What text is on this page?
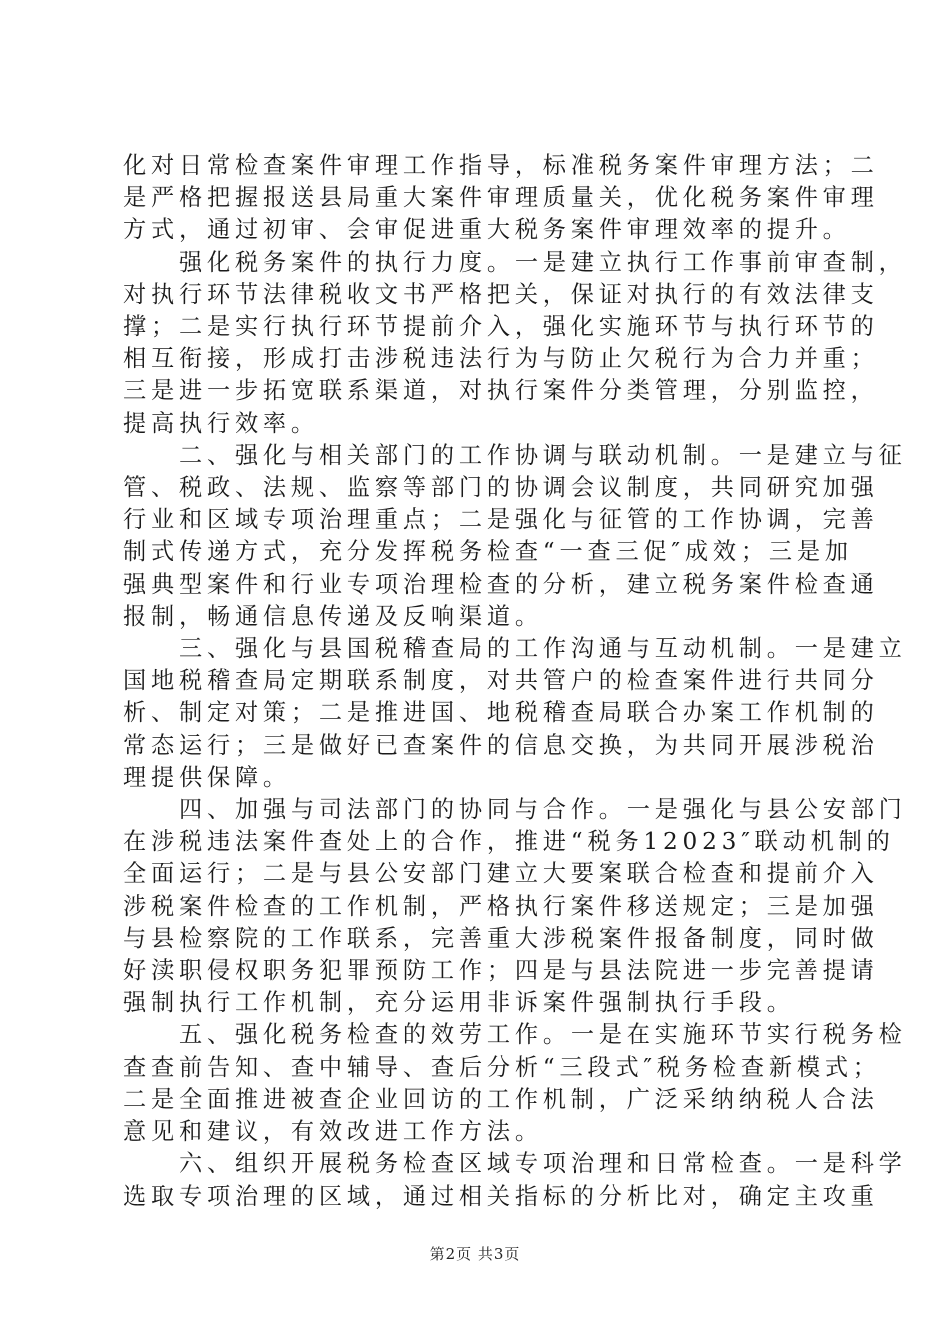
化对日常检查案件审理工作指导，标准税务案件审理方法；二
是严格把握报送县局重大案件审理质量关，优化税务案件审理
方式，通过初审、会审促进重大税务案件审理效率的提升。

强化税务案件的执行力度。一是建立执行工作事前审查制，
对执行环节法律税收文书严格把关，保证对执行的有效法律支
撑；二是实行执行环节提前介入，强化实施环节与执行环节的
相互衔接，形成打击涉税违法行为与防止欠税行为合力并重；
三是进一步拓宽联系渠道，对执行案件分类管理，分别监控，
提高执行效率。

二、强化与相关部门的工作协调与联动机制。一是建立与征
管、税政、法规、监察等部门的协调会议制度，共同研究加强
行业和区域专项治理重点；二是强化与征管的工作协调，完善
制式传递方式，充分发挥税务检查“一查三促″成效；三是加
强典型案件和行业专项治理检查的分析，建立税务案件检查通
报制，畅通信息传递及反响渠道。

三、强化与县国税稽查局的工作沟通与互动机制。一是建立
国地税稽查局定期联系制度，对共管户的检查案件进行共同分
析、制定对策；二是推进国、地税稽查局联合办案工作机制的
常态运行；三是做好已查案件的信息交换，为共同开展涉税治
理提供保障。

四、加强与司法部门的协同与合作。一是强化与县公安部门
在涉税违法案件查处上的合作，推进“税务12023″联动机制的
全面运行；二是与县公安部门建立大要案联合检查和提前介入
涉税案件检查的工作机制，严格执行案件移送规定；三是加强
与县检察院的工作联系，完善重大涉税案件报备制度，同时做
好渎职侵权职务犯罪预防工作；四是与县法院进一步完善提请
强制执行工作机制，充分运用非诉案件强制执行手段。

五、强化税务检查的效劳工作。一是在实施环节实行税务检
查查前告知、查中辅导、查后分析“三段式″税务检查新模式；
二是全面推进被查企业回访的工作机制，广泛采纳纳税人合法
意见和建议，有效改进工作方法。

六、组织开展税务检查区域专项治理和日常检查。一是科学
选取专项治理的区域，通过相关指标的分析比对，确定主攻重

第2页 共3页
